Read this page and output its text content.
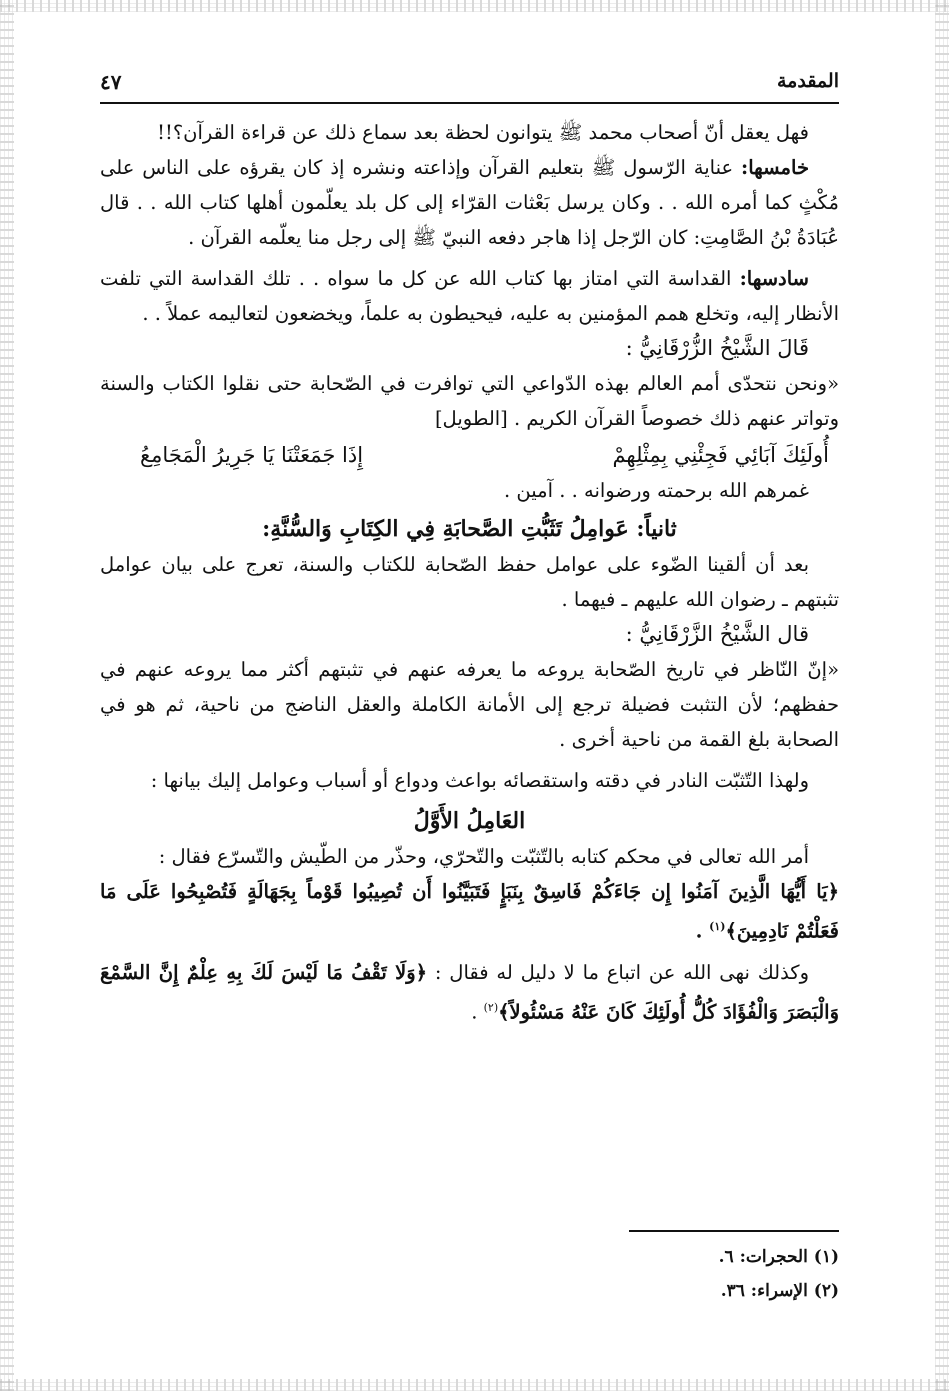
المقدمة
٤٧

فهل يعقل أنّ أصحاب محمد ﷺ يتوانون لحظة بعد سماع ذلك عن قراءة القرآن؟!!

خامسها: عناية الرّسول ﷺ بتعليم القرآن وإذاعته ونشره إذ كان يقرؤه على الناس على مُكْثٍ كما أمره الله . . وكان يرسل بَعْثات القرّاء إلى كل بلد يعلّمون أهلها كتاب الله . . قال عُبَادَةُ بْنُ الصَّامِتِ: كان الرّجل إذا هاجر دفعه النبيّ ﷺ إلى رجل منا يعلّمه القرآن .

سادسها: القداسة التي امتاز بها كتاب الله عن كل ما سواه . . تلك القداسة التي تلفت الأنظار إليه، وتخلع همم المؤمنين به عليه، فيحيطون به علماً، ويخضعون لتعاليمه عملاً . .

قَالَ الشَّيْخُ الزُّرْقَانِيُّ :

«ونحن نتحدّى أمم العالم بهذه الدّواعي التي توافرت في الصّحابة حتى نقلوا الكتاب والسنة وتواتر عنهم ذلك خصوصاً القرآن الكريم . [الطويل]

أُولَئِكَ آبَائِي فَجِئْنِي بِمِثْلِهِمْ
إِذَا جَمَعَتْنَا يَا جَرِيرُ الْمَجَامِعُ

غمرهم الله برحمته ورضوانه . . آمين .

ثانياً: عَوامِلُ تَثَبُّتِ الصَّحابَةِ فِي الكِتَابِ وَالسُّنَّةِ:

بعد أن ألقينا الضّوء على عوامل حفظ الصّحابة للكتاب والسنة، تعرج على بيان عوامل تثبتهم ـ رضوان الله عليهم ـ فيهما .

قال الشَّيْخُ الزَّرْقَانِيُّ :

«إنّ النّاظر في تاريخ الصّحابة يروعه ما يعرفه عنهم في تثبتهم أكثر مما يروعه عنهم في حفظهم؛ لأن التثبت فضيلة ترجع إلى الأمانة الكاملة والعقل الناضج من ناحية، ثم هو في الصحابة بلغ القمة من ناحية أخرى .

ولهذا التّثبّت النادر في دقته واستقصائه بواعث ودواع أو أسباب وعوامل إليك بيانها :

العَامِلُ الأَوَّلُ

أمر الله تعالى في محكم كتابه بالتّثبّت والتّحرّي، وحذّر من الطّيش والتّسرّع فقال :

﴿يَا أَيُّهَا الَّذِينَ آمَنُوا إِن جَاءَكُمْ فَاسِقٌ بِنَبَإٍ فَتَبَيَّنُوا أَن تُصِيبُوا قَوْماً بِجَهَالَةٍ فَتُصْبِحُوا عَلَى مَا فَعَلْتُمْ نَادِمِينَ﴾$^{(١)}$ .

وكذلك نهى الله عن اتباع ما لا دليل له فقال : ﴿وَلَا تَقْفُ مَا لَيْسَ لَكَ بِهِ عِلْمٌ إِنَّ السَّمْعَ وَالْبَصَرَ وَالْفُؤَادَ كُلُّ أُولَئِكَ كَانَ عَنْهُ مَسْئُولاً﴾$^{(٢)}$ .

(١) الحجرات: ٦.
(٢) الإسراء: ٣٦.
